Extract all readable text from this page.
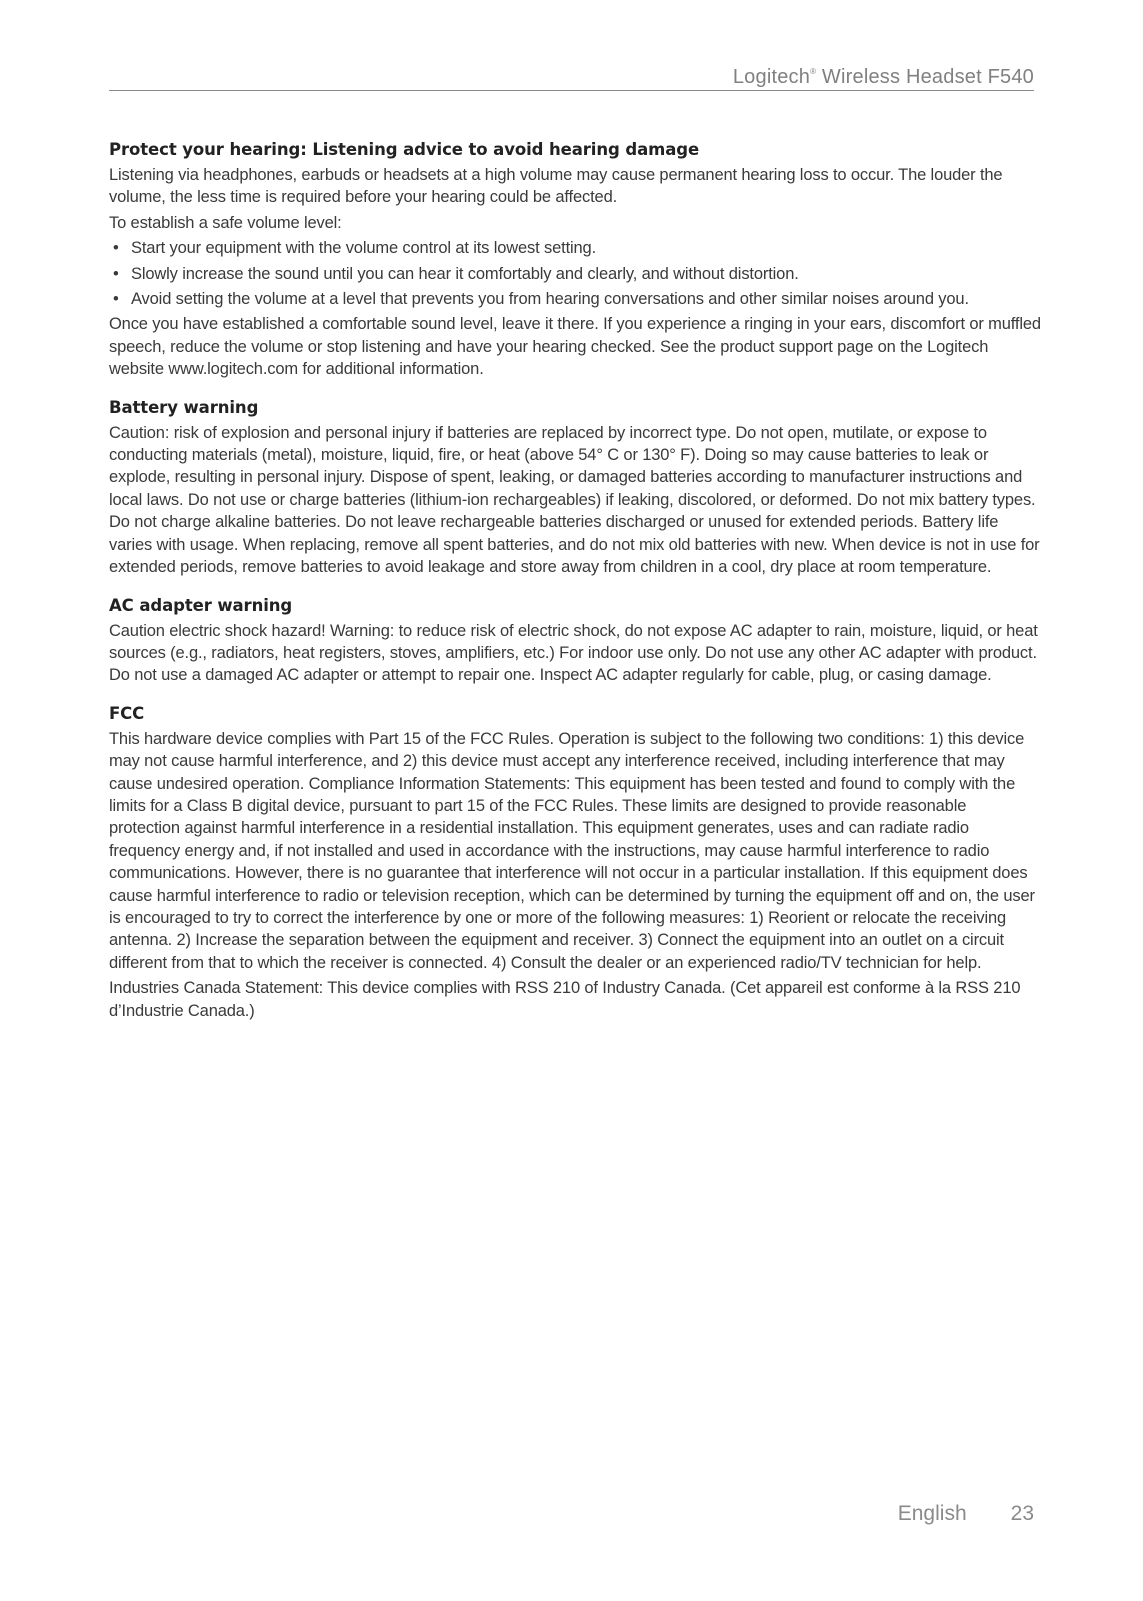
Logitech® Wireless Headset F540
Protect your hearing: Listening advice to avoid hearing damage

Listening via headphones, earbuds or headsets at a high volume may cause permanent hearing loss to occur. The louder the volume, the less time is required before your hearing could be affected.

To establish a safe volume level:

• Start your equipment with the volume control at its lowest setting.
• Slowly increase the sound until you can hear it comfortably and clearly, and without distortion.
• Avoid setting the volume at a level that prevents you from hearing conversations and other similar noises around you.

Once you have established a comfortable sound level, leave it there. If you experience a ringing in your ears, discomfort or muffled speech, reduce the volume or stop listening and have your hearing checked. See the product support page on the Logitech website www.logitech.com for additional information.

Battery warning

Caution: risk of explosion and personal injury if batteries are replaced by incorrect type. Do not open, mutilate, or expose to conducting materials (metal), moisture, liquid, fire, or heat (above 54° C or 130° F). Doing so may cause batteries to leak or explode, resulting in personal injury. Dispose of spent, leaking, or damaged batteries according to manufacturer instructions and local laws. Do not use or charge batteries (lithium-ion rechargeables) if leaking, discolored, or deformed. Do not mix battery types. Do not charge alkaline batteries. Do not leave rechargeable batteries discharged or unused for extended periods. Battery life varies with usage. When replacing, remove all spent batteries, and do not mix old batteries with new. When device is not in use for extended periods, remove batteries to avoid leakage and store away from children in a cool, dry place at room temperature.

AC adapter warning

Caution electric shock hazard! Warning: to reduce risk of electric shock, do not expose AC adapter to rain, moisture, liquid, or heat sources (e.g., radiators, heat registers, stoves, amplifiers, etc.) For indoor use only. Do not use any other AC adapter with product. Do not use a damaged AC adapter or attempt to repair one. Inspect AC adapter regularly for cable, plug, or casing damage.

FCC

This hardware device complies with Part 15 of the FCC Rules. Operation is subject to the following two conditions: 1) this device may not cause harmful interference, and 2) this device must accept any interference received, including interference that may cause undesired operation. Compliance Information Statements: This equipment has been tested and found to comply with the limits for a Class B digital device, pursuant to part 15 of the FCC Rules. These limits are designed to provide reasonable protection against harmful interference in a residential installation. This equipment generates, uses and can radiate radio frequency energy and, if not installed and used in accordance with the instructions, may cause harmful interference to radio communications. However, there is no guarantee that interference will not occur in a particular installation. If this equipment does cause harmful interference to radio or television reception, which can be determined by turning the equipment off and on, the user is encouraged to try to correct the interference by one or more of the following measures: 1) Reorient or relocate the receiving antenna. 2) Increase the separation between the equipment and receiver. 3) Connect the equipment into an outlet on a circuit different from that to which the receiver is connected. 4) Consult the dealer or an experienced radio/TV technician for help.

Industries Canada Statement: This device complies with RSS 210 of Industry Canada. (Cet appareil est conforme à la RSS 210 d’Industrie Canada.)

English 23
